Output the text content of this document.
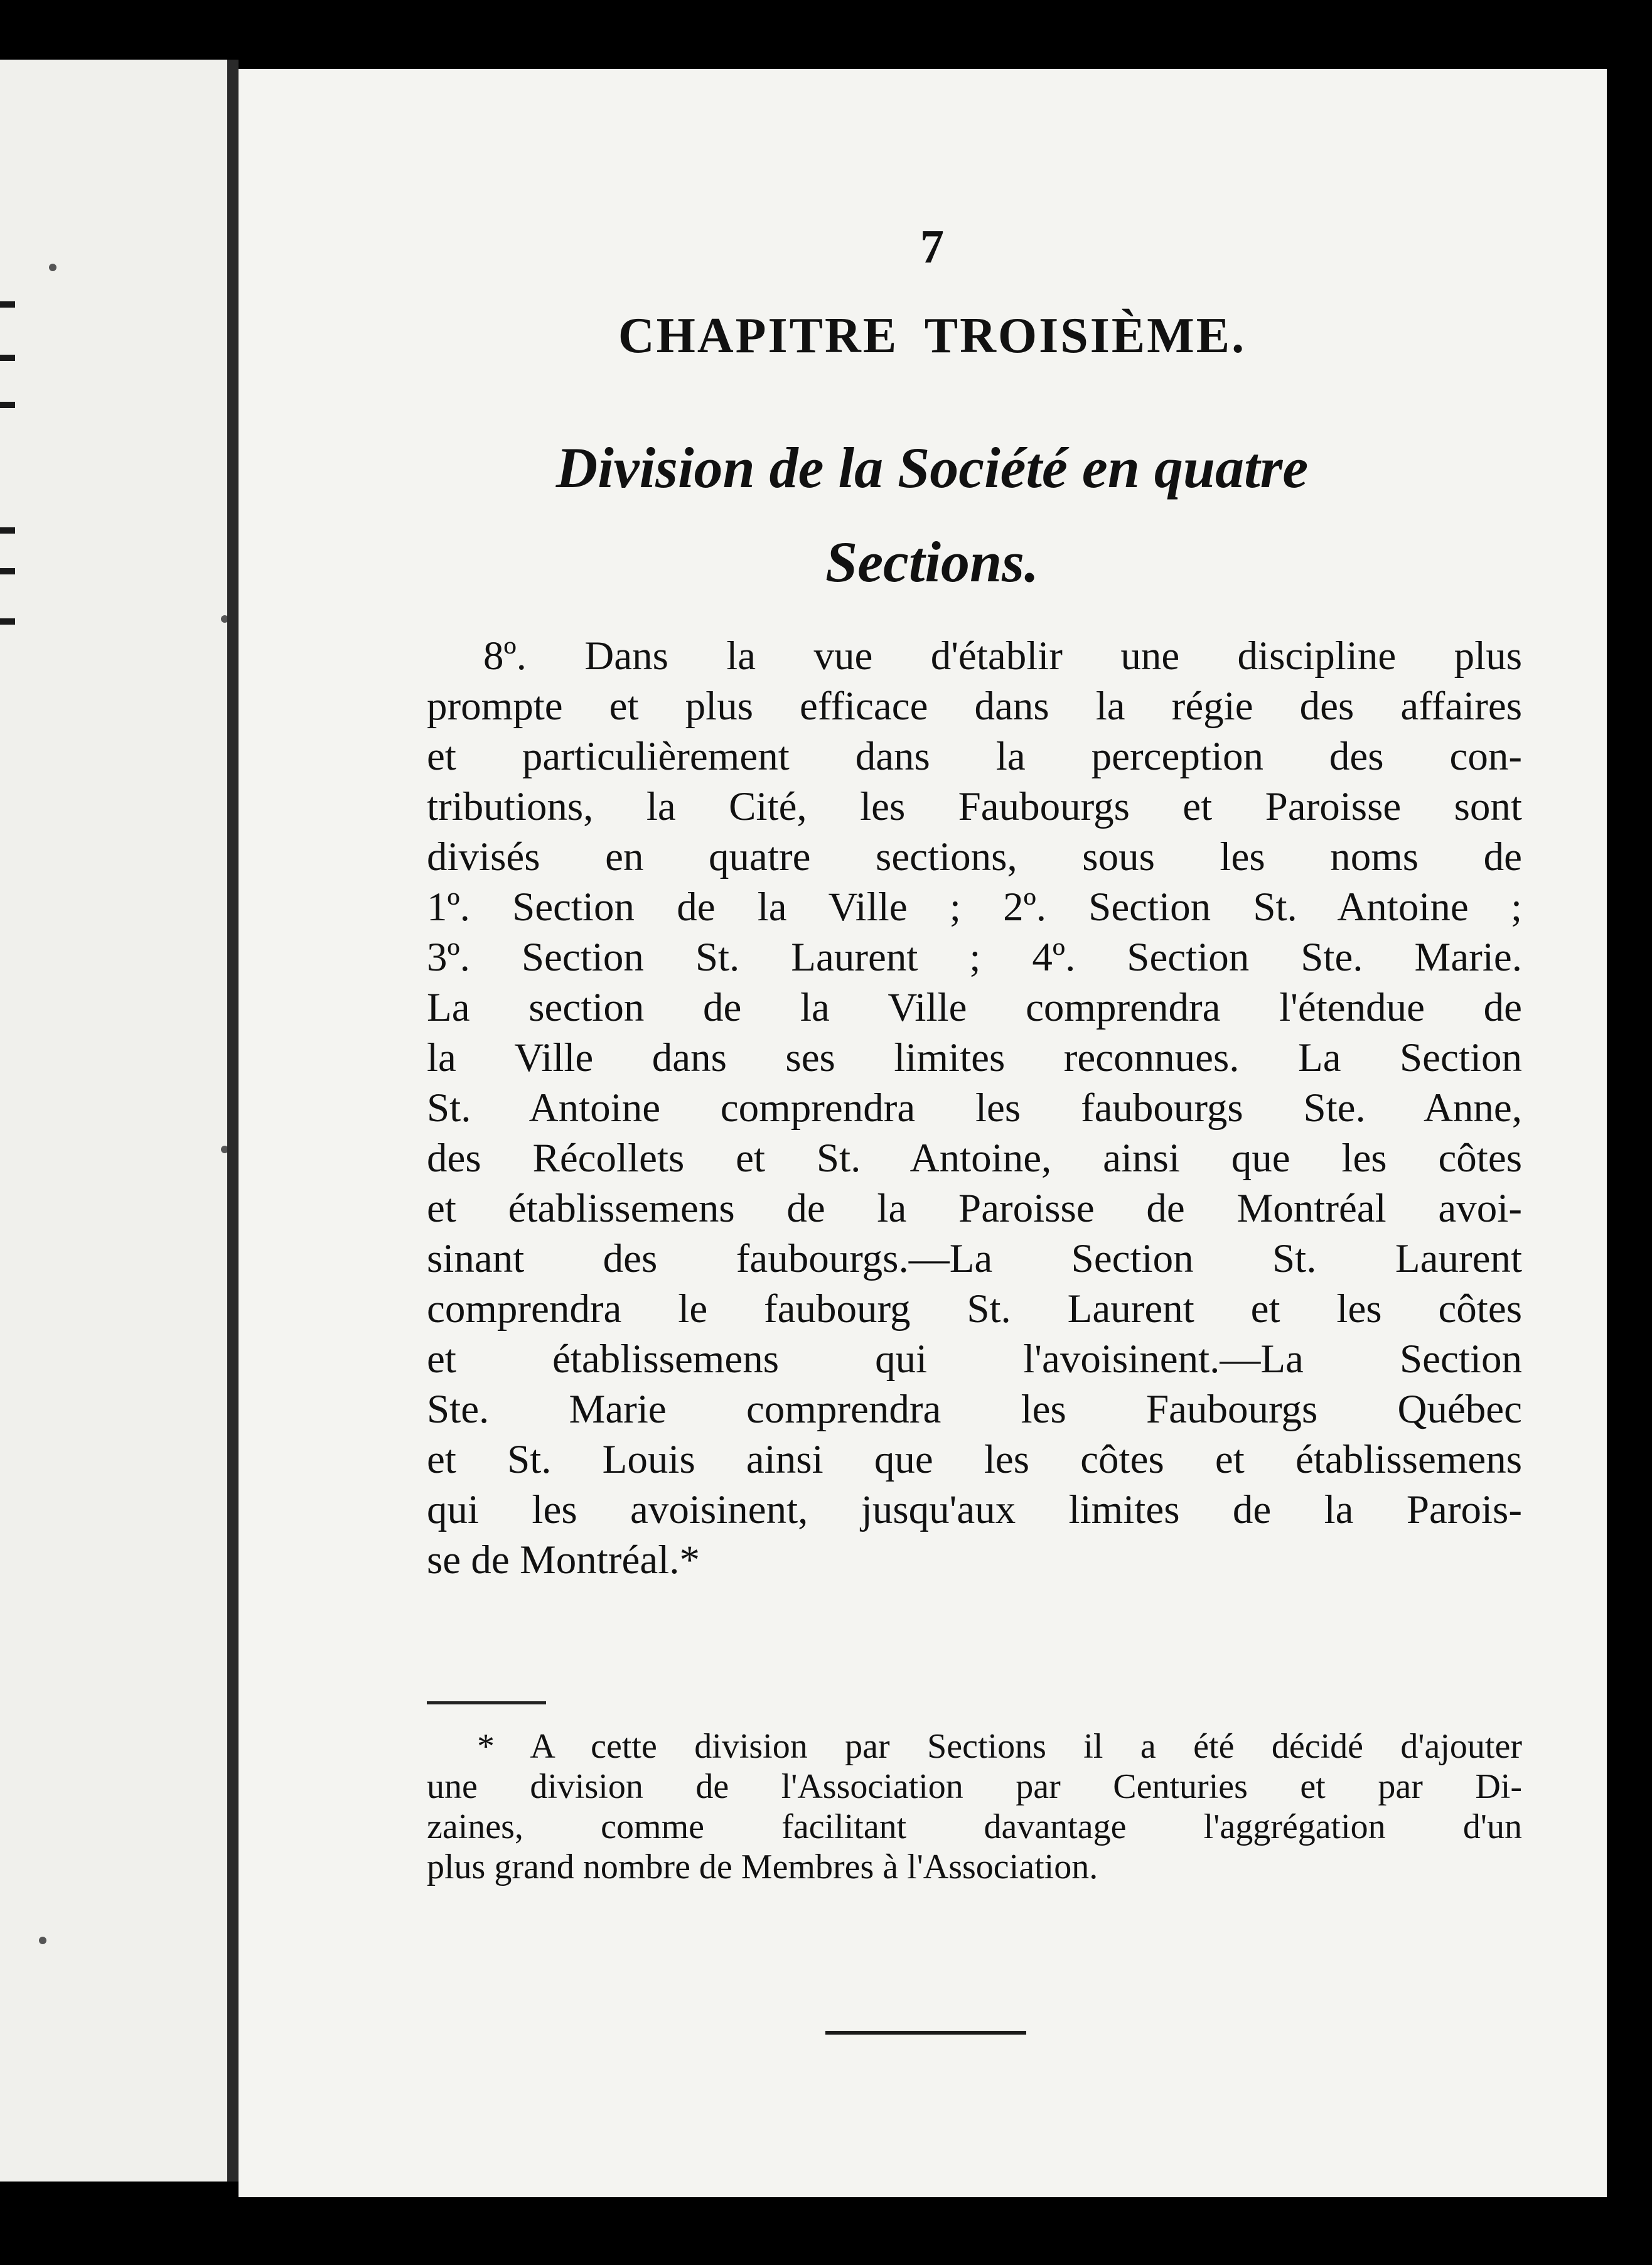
7
CHAPITRE TROISIÈME.
Division de la Société en quatre
Sections.
8º. Dans la vue d'établir une discipline plus
prompte et plus efficace dans la régie des affaires
et particulièrement dans la perception des con-
tributions, la Cité, les Faubourgs et Paroisse sont
divisés en quatre sections, sous les noms de
1º. Section de la Ville ; 2º. Section St. Antoine ;
3º. Section St. Laurent ; 4º. Section Ste. Marie.
La section de la Ville comprendra l'étendue de
la Ville dans ses limites reconnues. La Section
St. Antoine comprendra les faubourgs Ste. Anne,
des Récollets et St. Antoine, ainsi que les côtes
et établissemens de la Paroisse de Montréal avoi-
sinant des faubourgs.—La Section St. Laurent
comprendra le faubourg St. Laurent et les côtes
et établissemens qui l'avoisinent.—La Section
Ste. Marie comprendra les Faubourgs Québec
et St. Louis ainsi que les côtes et établissemens
qui les avoisinent, jusqu'aux limites de la Parois-
se de Montréal.*
* A cette division par Sections il a été décidé d'ajouter
une division de l'Association par Centuries et par Di-
zaines, comme facilitant davantage l'aggrégation d'un
plus grand nombre de Membres à l'Association.
